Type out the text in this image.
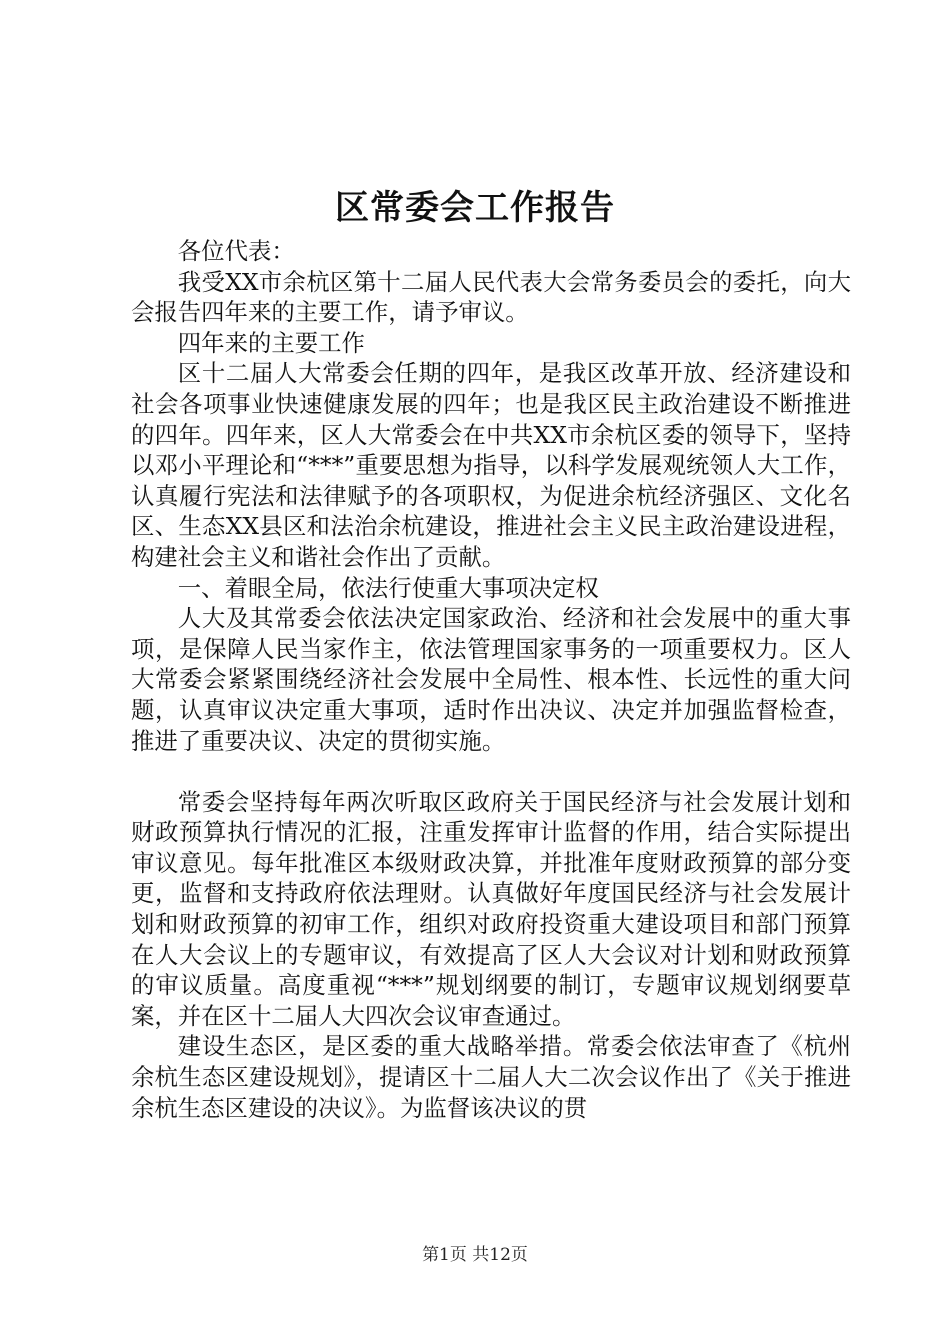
区常委会工作报告

各位代表：

我受XX市余杭区第十二届人民代表大会常务委员会的委托，向大会报告四年来的主要工作，请予审议。

四年来的主要工作

区十二届人大常委会任期的四年，是我区改革开放、经济建设和社会各项事业快速健康发展的四年；也是我区民主政治建设不断推进的四年。四年来，区人大常委会在中共XX市余杭区委的领导下，坚持以邓小平理论和“***”重要思想为指导，以科学发展观统领人大工作，认真履行宪法和法律赋予的各项职权，为促进余杭经济强区、文化名区、生态XX县区和法治余杭建设，推进社会主义民主政治建设进程，构建社会主义和谐社会作出了贡献。

一、着眼全局，依法行使重大事项决定权

人大及其常委会依法决定国家政治、经济和社会发展中的重大事项，是保障人民当家作主，依法管理国家事务的一项重要权力。区人大常委会紧紧围绕经济社会发展中全局性、根本性、长远性的重大问题，认真审议决定重大事项，适时作出决议、决定并加强监督检查，推进了重要决议、决定的贯彻实施。

常委会坚持每年两次听取区政府关于国民经济与社会发展计划和财政预算执行情况的汇报，注重发挥审计监督的作用，结合实际提出审议意见。每年批准区本级财政决算，并批准年度财政预算的部分变更，监督和支持政府依法理财。认真做好年度国民经济与社会发展计划和财政预算的初审工作，组织对政府投资重大建设项目和部门预算在人大会议上的专题审议，有效提高了区人大会议对计划和财政预算的审议质量。高度重视“***”规划纲要的制订，专题审议规划纲要草案，并在区十二届人大四次会议审查通过。

建设生态区，是区委的重大战略举措。常委会依法审查了《杭州余杭生态区建设规划》，提请区十二届人大二次会议作出了《关于推进余杭生态区建设的决议》。为监督该决议的贯

第1页 共12页
